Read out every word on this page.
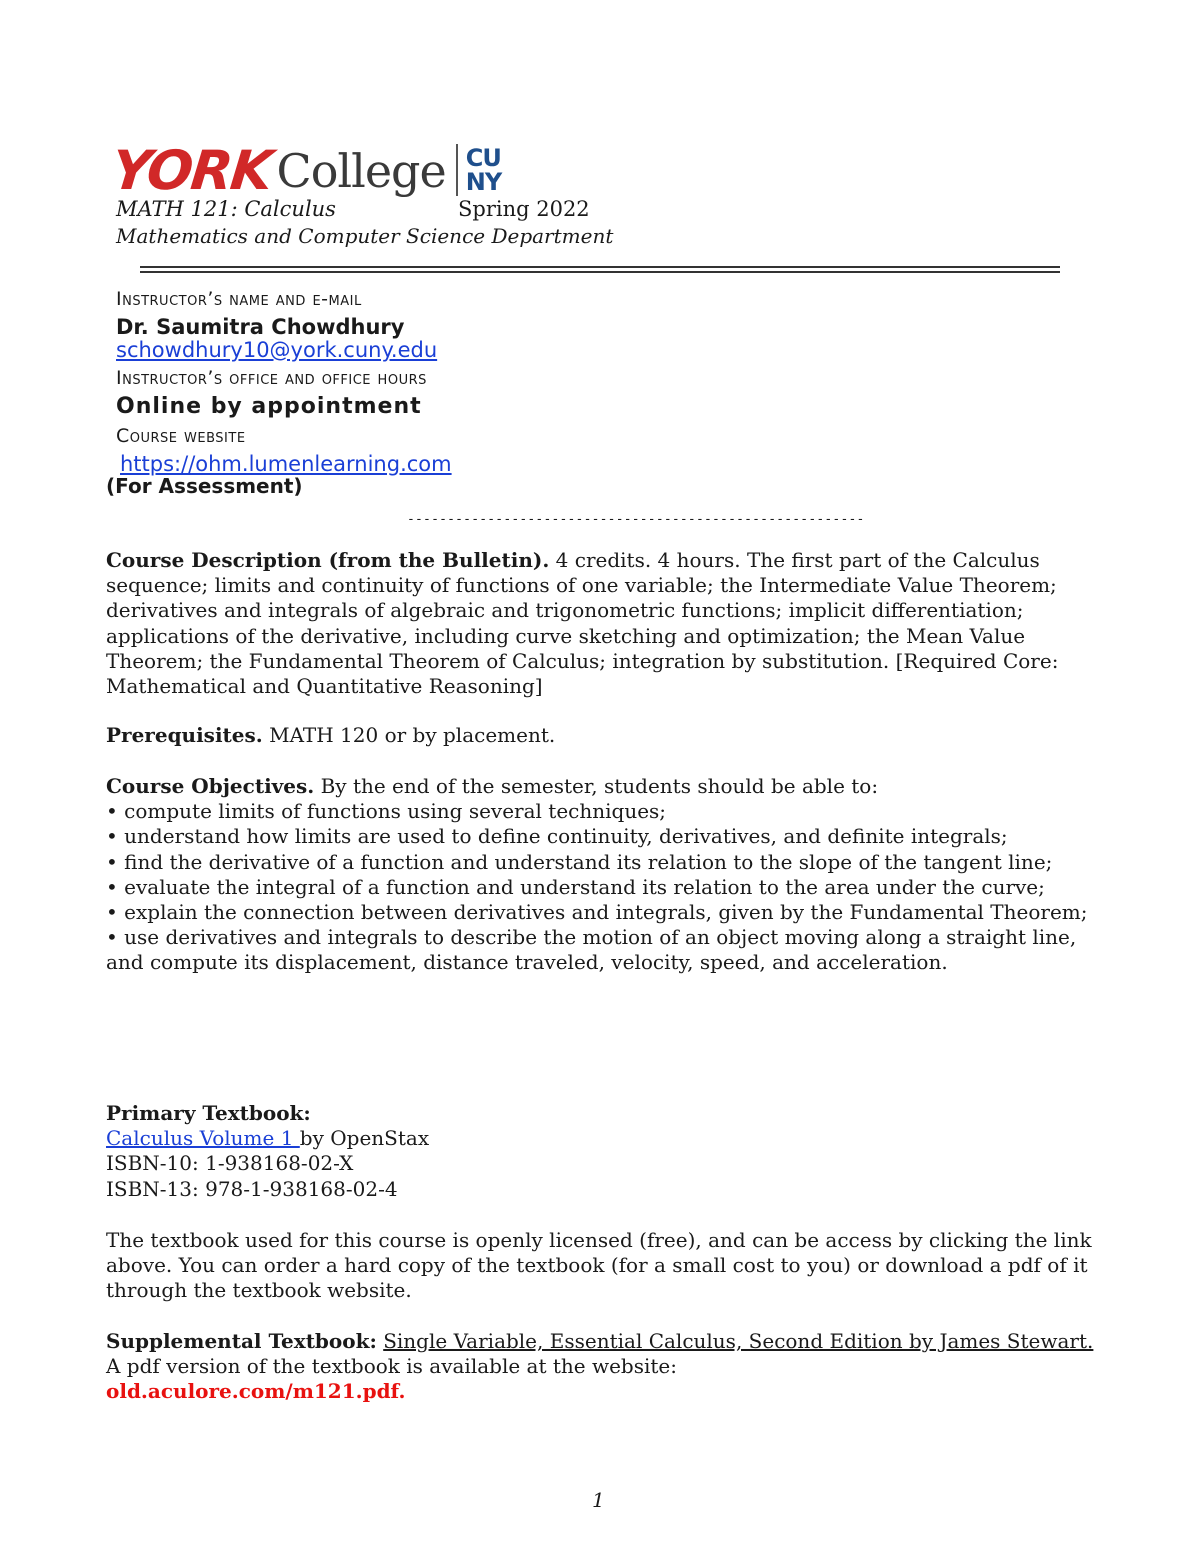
YORK College CU
NY
MATH 121: Calculus	Spring 2022
Mathematics and Computer Science Department
Instructor’s name and e-mail
Dr. Saumitra Chowdhury
schowdhury10@york.cuny.edu
Instructor’s office and office hours
Online by appointment
Course website
https://ohm.lumenlearning.com
(For Assessment)
---------------------------------------------------------

Course Description (from the Bulletin). 4 credits. 4 hours. The first part of the Calculus sequence; limits and continuity of functions of one variable; the Intermediate Value Theorem; derivatives and integrals of algebraic and trigonometric functions; implicit differentiation; applications of the derivative, including curve sketching and optimization; the Mean Value Theorem; the Fundamental Theorem of Calculus; integration by substitution. [Required Core: Mathematical and Quantitative Reasoning]

Prerequisites. MATH 120 or by placement.

Course Objectives. By the end of the semester, students should be able to:

• compute limits of functions using several techniques;

• understand how limits are used to define continuity, derivatives, and definite integrals;

• find the derivative of a function and understand its relation to the slope of the tangent line;

• evaluate the integral of a function and understand its relation to the area under the curve;

• explain the connection between derivatives and integrals, given by the Fundamental Theorem;

• use derivatives and integrals to describe the motion of an object moving along a straight line,

and compute its displacement, distance traveled, velocity, speed, and acceleration.

Primary Textbook:

Calculus Volume 1 by OpenStax

ISBN-10: 1-938168-02-X

ISBN-13: 978-1-938168-02-4

The textbook used for this course is openly licensed (free), and can be access by clicking the link above. You can order a hard copy of the textbook (for a small cost to you) or download a pdf of it through the textbook website.

Supplemental Textbook: Single Variable, Essential Calculus, Second Edition by James Stewart. A pdf version of the textbook is available at the website:

old.aculore.com/m121.pdf.

1
